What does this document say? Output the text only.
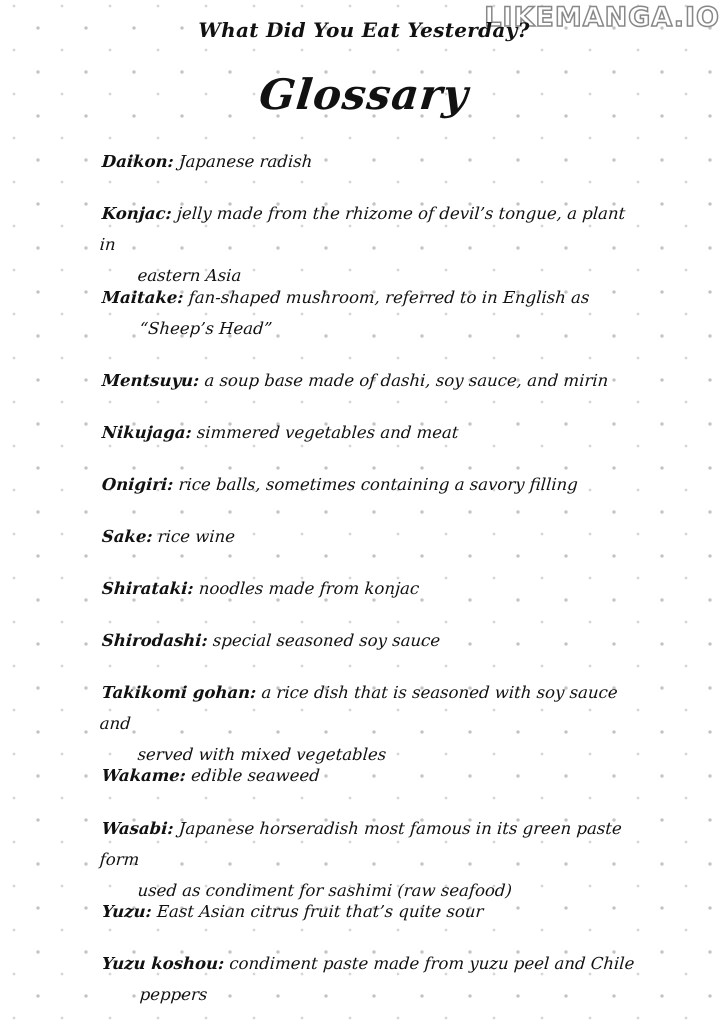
LIKEMANGA.IO
What Did You Eat Yesterday?
Glossary
Daikon: Japanese radish
Konjac: jelly made from the rhizome of devil’s tongue, a plant in
eastern Asia
Maitake: fan-shaped mushroom, referred to in English as
“Sheep’s Head”
Mentsuyu: a soup base made of dashi, soy sauce, and mirin
Nikujaga: simmered vegetables and meat
Onigiri: rice balls, sometimes containing a savory filling
Sake: rice wine
Shirataki: noodles made from konjac
Shirodashi: special seasoned soy sauce
Takikomi gohan: a rice dish that is seasoned with soy sauce and
served with mixed vegetables
Wakame: edible seaweed
Wasabi: Japanese horseradish most famous in its green paste form
used as condiment for sashimi (raw seafood)
Yuzu: East Asian citrus fruit that’s quite sour
Yuzu koshou: condiment paste made from yuzu peel and Chile
peppers
